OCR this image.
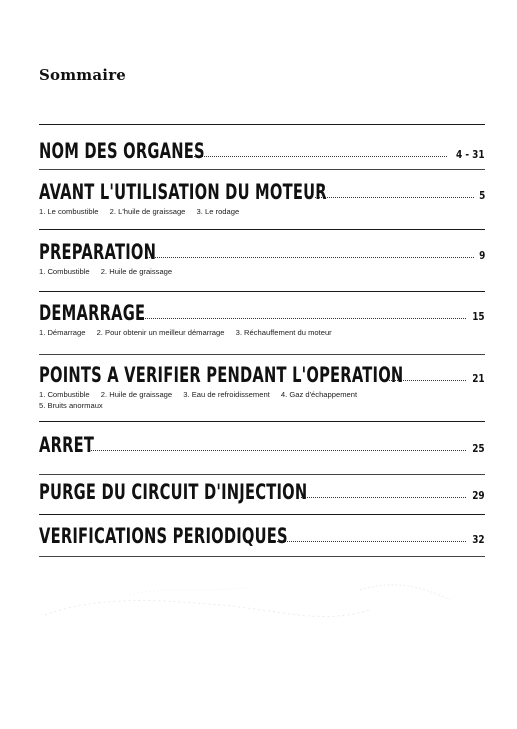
Sommaire
NOM DES ORGANES	4 - 31
AVANT L'UTILISATION DU MOTEUR	5
1. Le combustible 2. L'huile de graissage 3. Le rodage
PREPARATION	9
1. Combustible 2. Huile de graissage
DEMARRAGE	15
1. Démarrage 2. Pour obtenir un meilleur démarrage 3. Réchauffement du moteur
POINTS A VERIFIER PENDANT L'OPERATION	21
1. Combustible 2. Huile de graissage 3. Eau de refroidissement 4. Gaz d'échappement
5. Bruits anormaux
ARRET	25
PURGE DU CIRCUIT D'INJECTION	29
VERIFICATIONS PERIODIQUES	32
